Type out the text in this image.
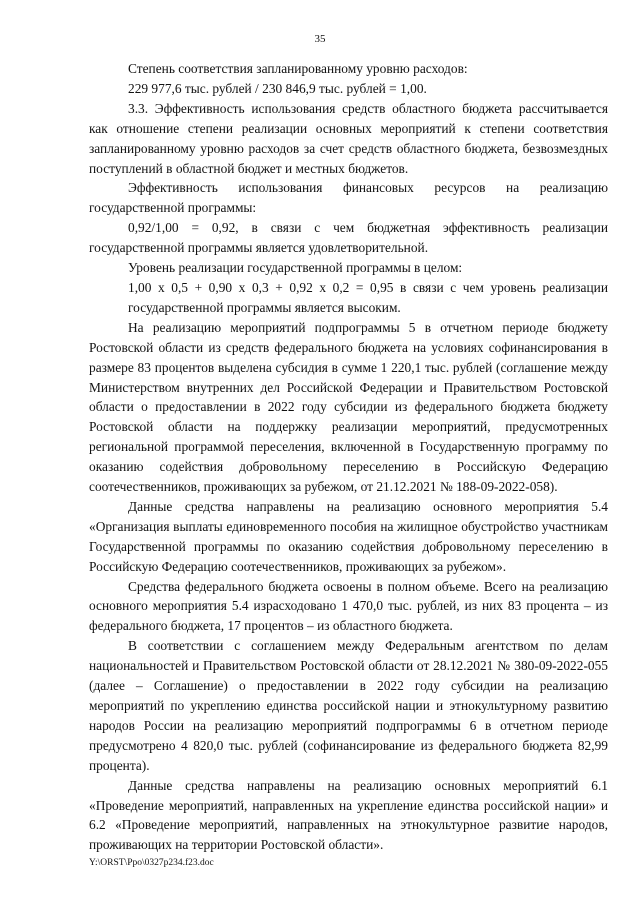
35

Степень соответствия запланированному уровню расходов:

229 977,6 тыс. рублей / 230 846,9 тыс. рублей = 1,00.

3.3. Эффективность использования средств областного бюджета рассчитывается как отношение степени реализации основных мероприятий к степени соответствия запланированному уровню расходов за счет средств областного бюджета, безвозмездных поступлений в областной бюджет и местных бюджетов.

Эффективность использования финансовых ресурсов на реализацию государственной программы:

0,92/1,00 = 0,92, в связи с чем бюджетная эффективность реализации государственной программы является удовлетворительной.

Уровень реализации государственной программы в целом:

1,00 х 0,5 + 0,90 х 0,3 + 0,92 х 0,2 = 0,95 в связи с чем уровень реализации государственной программы является высоким.

На реализацию мероприятий подпрограммы 5 в отчетном периоде бюджету Ростовской области из средств федерального бюджета на условиях софинансирования в размере 83 процентов выделена субсидия в сумме 1 220,1 тыс. рублей (соглашение между Министерством внутренних дел Российской Федерации и Правительством Ростовской области о предоставлении в 2022 году субсидии из федерального бюджета бюджету Ростовской области на поддержку реализации мероприятий, предусмотренных региональной программой переселения, включенной в Государственную программу по оказанию содействия добровольному переселению в Российскую Федерацию соотечественников, проживающих за рубежом, от 21.12.2021 № 188-09-2022-058).

Данные средства направлены на реализацию основного мероприятия 5.4 «Организация выплаты единовременного пособия на жилищное обустройство участникам Государственной программы по оказанию содействия добровольному переселению в Российскую Федерацию соотечественников, проживающих за рубежом».

Средства федерального бюджета освоены в полном объеме. Всего на реализацию основного мероприятия 5.4 израсходовано 1 470,0 тыс. рублей, из них 83 процента – из федерального бюджета, 17 процентов – из областного бюджета.

В соответствии с соглашением между Федеральным агентством по делам национальностей и Правительством Ростовской области от 28.12.2021 № 380-09-2022-055 (далее – Соглашение) о предоставлении в 2022 году субсидии на реализацию мероприятий по укреплению единства российской нации и этнокультурному развитию народов России на реализацию мероприятий подпрограммы 6 в отчетном периоде предусмотрено 4 820,0 тыс. рублей (софинансирование из федерального бюджета 82,99 процента).

Данные средства направлены на реализацию основных мероприятий 6.1 «Проведение мероприятий, направленных на укрепление единства российской нации» и 6.2 «Проведение мероприятий, направленных на этнокультурное развитие народов, проживающих на территории Ростовской области».

Y:\ORST\Ppo\0327p234.f23.doc
